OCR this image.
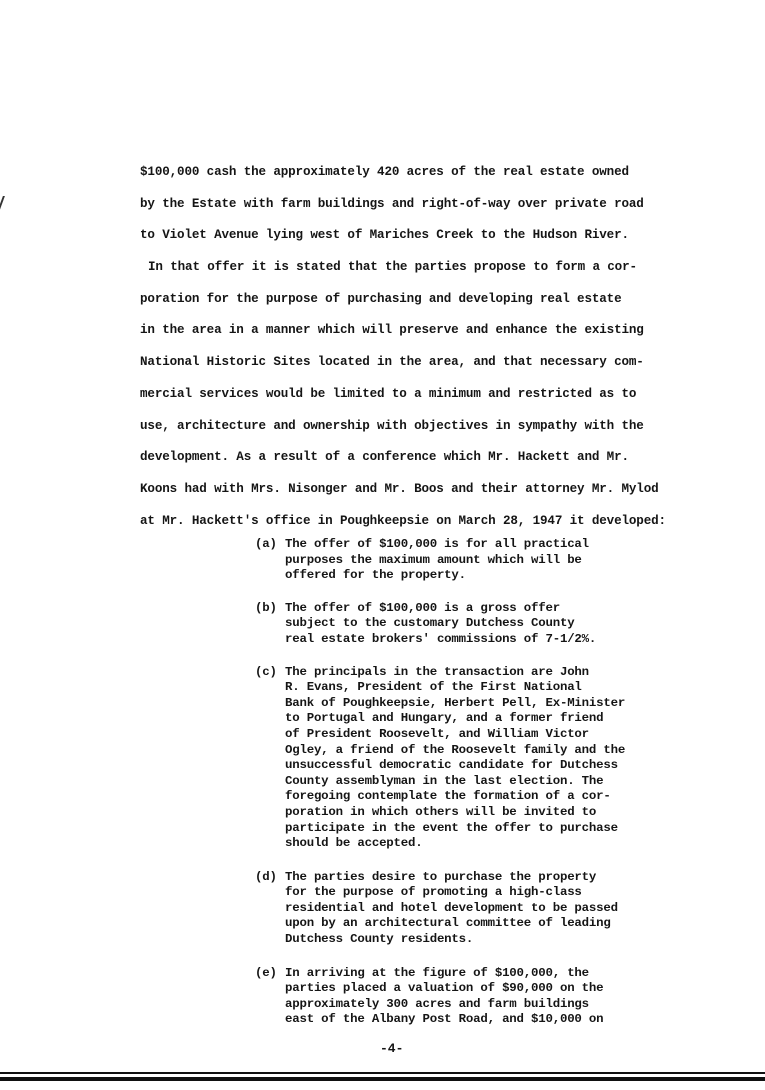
$100,000 cash the approximately 420 acres of the real estate owned
by the Estate with farm buildings and right-of-way over private road
to Violet Avenue lying west of Mariches Creek to the Hudson River.
In that offer it is stated that the parties propose to form a cor-
poration for the purpose of purchasing and developing real estate
in the area in a manner which will preserve and enhance the existing
National Historic Sites located in the area, and that necessary com-
mercial services would be limited to a minimum and restricted as to
use, architecture and ownership with objectives in sympathy with the
development. As a result of a conference which Mr. Hackett and Mr.
Koons had with Mrs. Nisonger and Mr. Boos and their attorney Mr. Mylod
at Mr. Hackett's office in Poughkeepsie on March 28, 1947 it developed:
(a) The offer of $100,000 is for all practical
purposes the maximum amount which will be
offered for the property.
(b) The offer of $100,000 is a gross offer
subject to the customary Dutchess County
real estate brokers' commissions of 7-1/2%.
(c) The principals in the transaction are John
R. Evans, President of the First National
Bank of Poughkeepsie, Herbert Pell, Ex-Minister
to Portugal and Hungary, and a former friend
of President Roosevelt, and William Victor
Ogley, a friend of the Roosevelt family and the
unsuccessful democratic candidate for Dutchess
County assemblyman in the last election. The
foregoing contemplate the formation of a cor-
poration in which others will be invited to
participate in the event the offer to purchase
should be accepted.
(d) The parties desire to purchase the property
for the purpose of promoting a high-class
residential and hotel development to be passed
upon by an architectural committee of leading
Dutchess County residents.
(e) In arriving at the figure of $100,000, the
parties placed a valuation of $90,000 on the
approximately 300 acres and farm buildings
east of the Albany Post Road, and $10,000 on
-4-
